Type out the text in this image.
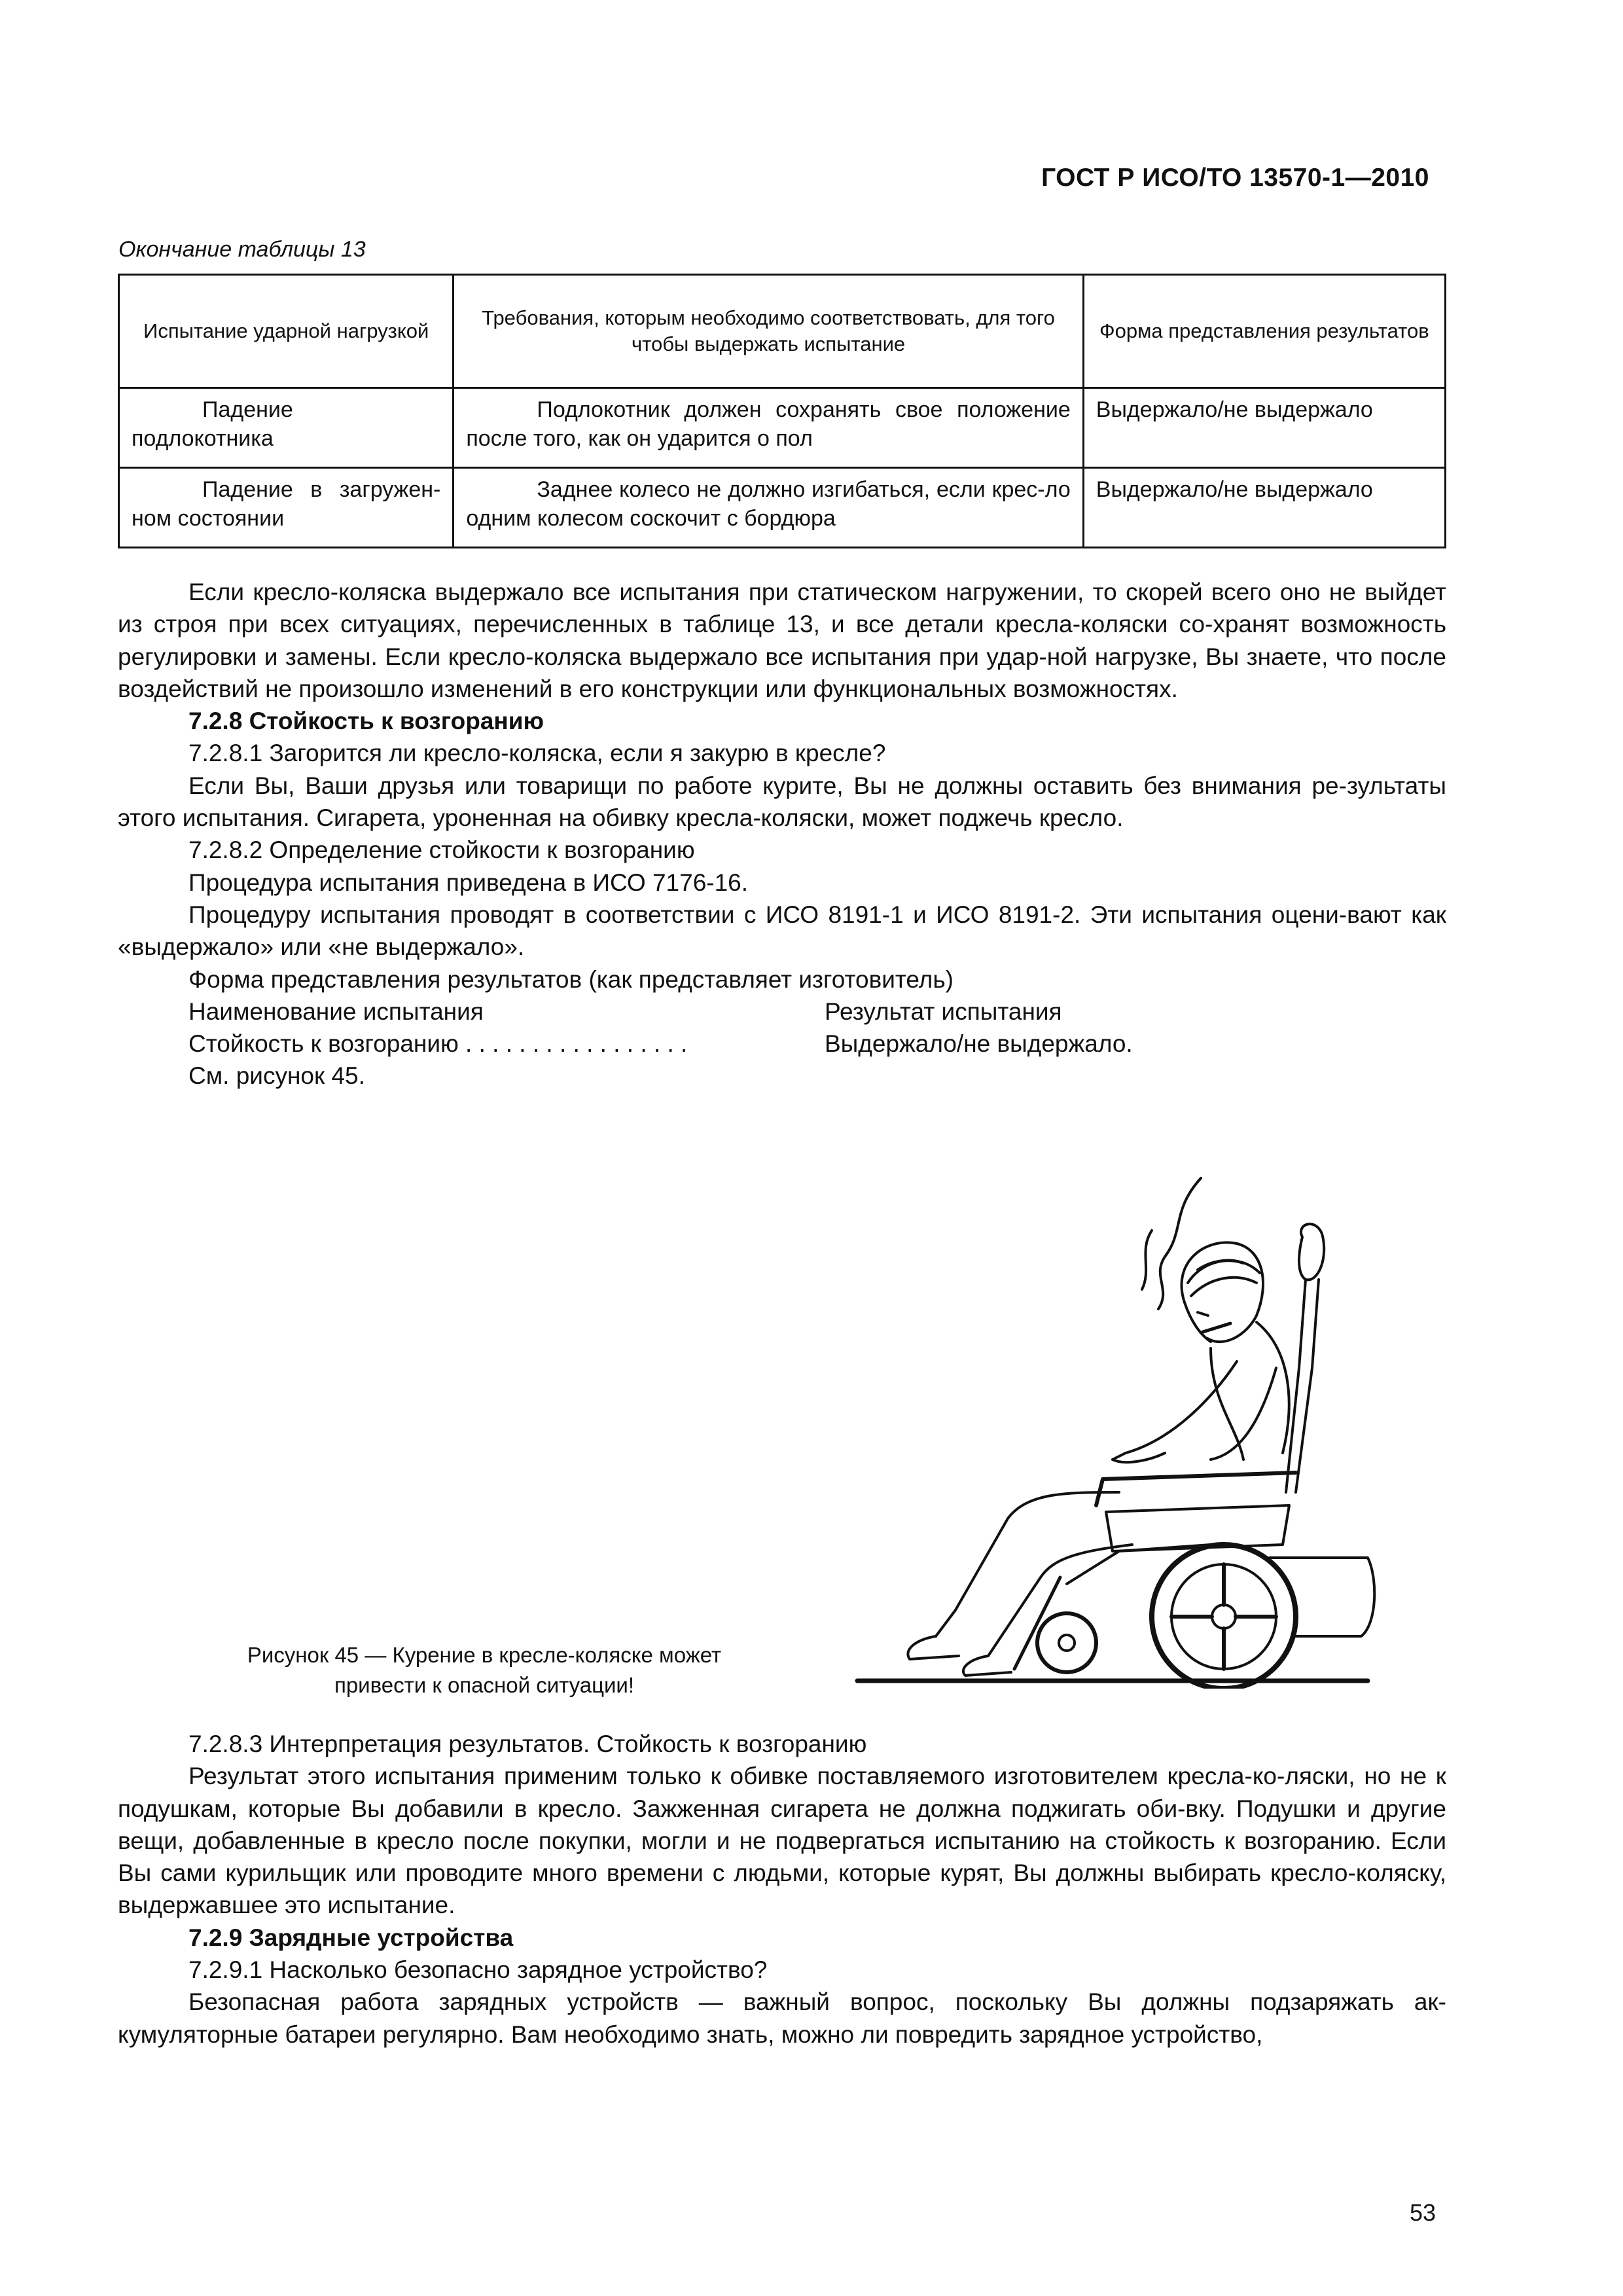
ГОСТ Р ИСО/ТО 13570-1—2010
Окончание таблицы 13
Испытание ударной нагрузкой	Требования, которым необходимо соответствовать, для того чтобы выдержать испытание	Форма представления результатов
Падение подлокотника	Подлокотник должен сохранять свое положение после того, как он ударится о пол	Выдержало/не выдержало
Падение в загружен-ном состоянии	Заднее колесо не должно изгибаться, если крес-ло одним колесом соскочит с бордюра	Выдержало/не выдержало

Если кресло-коляска выдержало все испытания при статическом нагружении, то скорей всего оно не выйдет из строя при всех ситуациях, перечисленных в таблице 13, и все детали кресла-коляски со-хранят возможность регулировки и замены. Если кресло-коляска выдержало все испытания при удар-ной нагрузке, Вы знаете, что после воздействий не произошло изменений в его конструкции или функциональных возможностях.

7.2.8 Стойкость к возгоранию

7.2.8.1 Загорится ли кресло-коляска, если я закурю в кресле?

Если Вы, Ваши друзья или товарищи по работе курите, Вы не должны оставить без внимания ре-зультаты этого испытания. Сигарета, уроненная на обивку кресла-коляски, может поджечь кресло.

7.2.8.2 Определение стойкости к возгоранию

Процедура испытания приведена в ИСО 7176-16.

Процедуру испытания проводят в соответствии с ИСО 8191-1 и ИСО 8191-2. Эти испытания оцени-вают как «выдержало» или «не выдержало».

Форма представления результатов (как представляет изготовитель)

Наименование испытания	Результат испытания
Стойкость к возгоранию . . . . . . . . . . . . . . . . .	Выдержало/не выдержало.

См. рисунок 45.

Рисунок 45 — Курение в кресле-коляске может
привести к опасной ситуации!

7.2.8.3 Интерпретация результатов. Стойкость к возгоранию

Результат этого испытания применим только к обивке поставляемого изготовителем кресла-ко-ляски, но не к подушкам, которые Вы добавили в кресло. Зажженная сигарета не должна поджигать оби-вку. Подушки и другие вещи, добавленные в кресло после покупки, могли и не подвергаться испытанию на стойкость к возгоранию. Если Вы сами курильщик или проводите много времени с людьми, которые курят, Вы должны выбирать кресло-коляску, выдержавшее это испытание.

7.2.9 Зарядные устройства

7.2.9.1 Насколько безопасно зарядное устройство?

Безопасная работа зарядных устройств — важный вопрос, поскольку Вы должны подзаряжать ак-кумуляторные батареи регулярно. Вам необходимо знать, можно ли повредить зарядное устройство,

53
